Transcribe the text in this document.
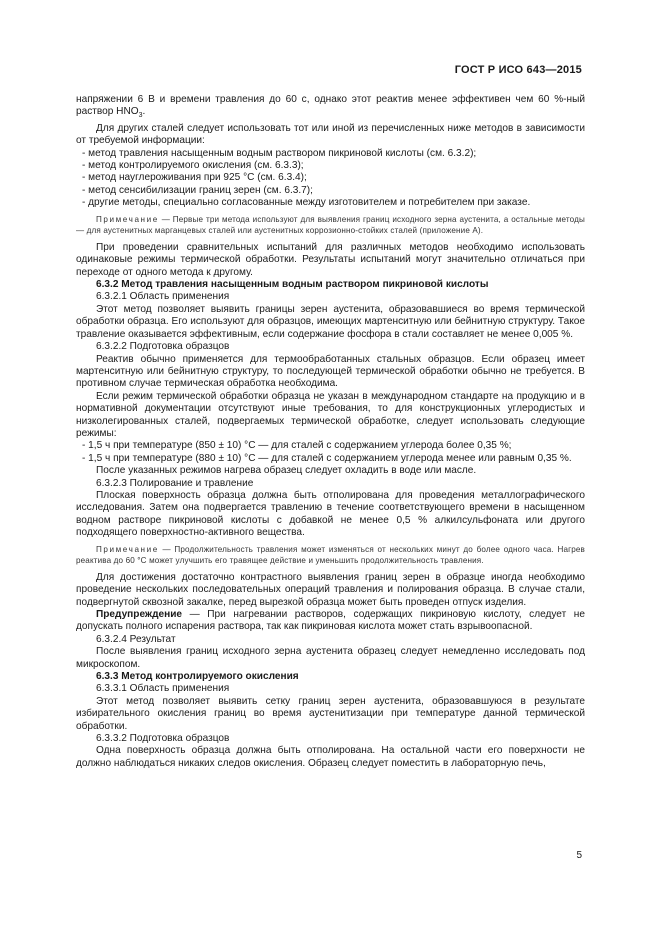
ГОСТ Р ИСО 643—2015

напряжении 6 В и времени травления до 60 с, однако этот реактив менее эффективен чем 60 %-ный раствор $HNO_3$.

Для других сталей следует использовать тот или иной из перечисленных ниже методов в зависимости от требуемой информации:

- метод травления насыщенным водным раствором пикриновой кислоты (см. 6.3.2);

- метод контролируемого окисления (см. 6.3.3);

- метод науглероживания при 925 °С (см. 6.3.4);

- метод сенсибилизации границ зерен (см. 6.3.7);

- другие методы, специально согласованные между изготовителем и потребителем при заказе.

Примечание — Первые три метода используют для выявления границ исходного зерна аустенита, а остальные методы — для аустенитных марганцевых сталей или аустенитных коррозионно-стойких сталей (приложение А).

При проведении сравнительных испытаний для различных методов необходимо использовать одинаковые режимы термической обработки. Результаты испытаний могут значительно отличаться при переходе от одного метода к другому.

6.3.2 Метод травления насыщенным водным раствором пикриновой кислоты

6.3.2.1 Область применения

Этот метод позволяет выявить границы зерен аустенита, образовавшиеся во время термической обработки образца. Его используют для образцов, имеющих мартенситную или бейнитную структуру. Такое травление оказывается эффективным, если содержание фосфора в стали составляет не менее 0,005 %.

6.3.2.2 Подготовка образцов

Реактив обычно применяется для термообработанных стальных образцов. Если образец имеет мартенситную или бейнитную структуру, то последующей термической обработки обычно не требуется. В противном случае термическая обработка необходима.

Если режим термической обработки образца не указан в международном стандарте на продукцию и в нормативной документации отсутствуют иные требования, то для конструкционных углеродистых и низколегированных сталей, подвергаемых термической обработке, следует использовать следующие режимы:

- 1,5 ч при температуре (850 ± 10) °С — для сталей с содержанием углерода более 0,35 %;

- 1,5 ч при температуре (880 ± 10) °С — для сталей с содержанием углерода менее или равным 0,35 %.

После указанных режимов нагрева образец следует охладить в воде или масле.

6.3.2.3 Полирование и травление

Плоская поверхность образца должна быть отполирована для проведения металлографического исследования. Затем она подвергается травлению в течение соответствующего времени в насыщенном водном растворе пикриновой кислоты с добавкой не менее 0,5 % алкилсульфоната или другого подходящего поверхностно-активного вещества.

Примечание — Продолжительность травления может изменяться от нескольких минут до более одного часа. Нагрев реактива до 60 °С может улучшить его травящее действие и уменьшить продолжительность травления.

Для достижения достаточно контрастного выявления границ зерен в образце иногда необходимо проведение нескольких последовательных операций травления и полирования образца. В случае стали, подвергнутой сквозной закалке, перед вырезкой образца может быть проведен отпуск изделия.

Предупреждение — При нагревании растворов, содержащих пикриновую кислоту, следует не допускать полного испарения раствора, так как пикриновая кислота может стать взрывоопасной.

6.3.2.4 Результат

После выявления границ исходного зерна аустенита образец следует немедленно исследовать под микроскопом.

6.3.3 Метод контролируемого окисления

6.3.3.1 Область применения

Этот метод позволяет выявить сетку границ зерен аустенита, образовавшуюся в результате избирательного окисления границ во время аустенитизации при температуре данной термической обработки.

6.3.3.2 Подготовка образцов

Одна поверхность образца должна быть отполирована. На остальной части его поверхности не должно наблюдаться никаких следов окисления. Образец следует поместить в лабораторную печь,

5
